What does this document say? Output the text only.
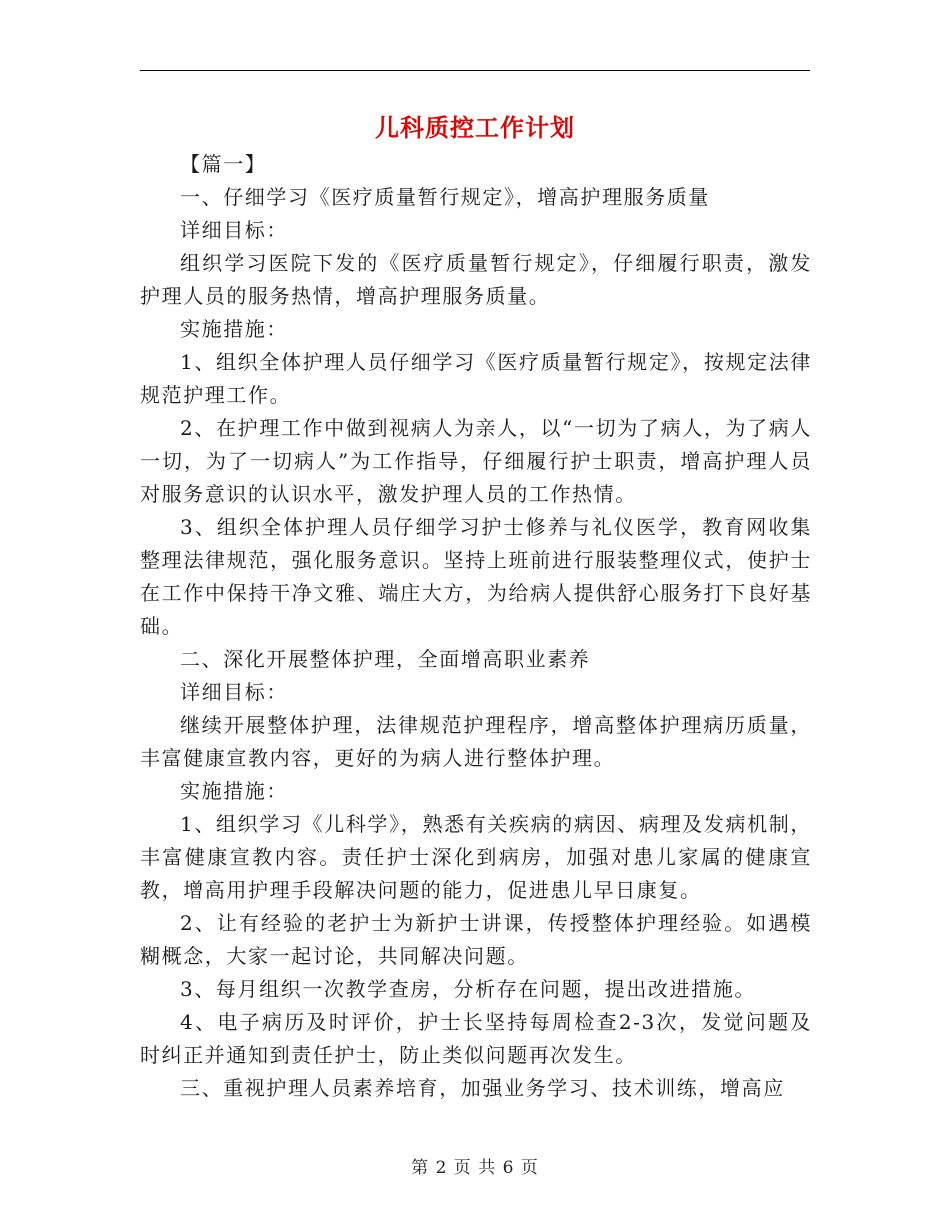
儿科质控工作计划

【篇一】

一、仔细学习《医疗质量暂行规定》，增高护理服务质量

详细目标：

组织学习医院下发的《医疗质量暂行规定》，仔细履行职责，激发护理人员的服务热情，增高护理服务质量。

实施措施：

1、组织全体护理人员仔细学习《医疗质量暂行规定》，按规定法律规范护理工作。

2、在护理工作中做到视病人为亲人，以“一切为了病人，为了病人一切，为了一切病人”为工作指导，仔细履行护士职责，增高护理人员对服务意识的认识水平，激发护理人员的工作热情。

3、组织全体护理人员仔细学习护士修养与礼仪医学，教育网收集整理法律规范，强化服务意识。坚持上班前进行服装整理仪式，使护士在工作中保持干净文雅、端庄大方，为给病人提供舒心服务打下良好基础。

二、深化开展整体护理，全面增高职业素养

详细目标：

继续开展整体护理，法律规范护理程序，增高整体护理病历质量，丰富健康宣教内容，更好的为病人进行整体护理。

实施措施：

1、组织学习《儿科学》，熟悉有关疾病的病因、病理及发病机制，丰富健康宣教内容。责任护士深化到病房，加强对患儿家属的健康宣教，增高用护理手段解决问题的能力，促进患儿早日康复。

2、让有经验的老护士为新护士讲课，传授整体护理经验。如遇模糊概念，大家一起讨论，共同解决问题。

3、每月组织一次教学查房，分析存在问题，提出改进措施。

4、电子病历及时评价，护士长坚持每周检查2-3次，发觉问题及时纠正并通知到责任护士，防止类似问题再次发生。

三、重视护理人员素养培育，加强业务学习、技术训练，增高应

第 2 页 共 6 页
